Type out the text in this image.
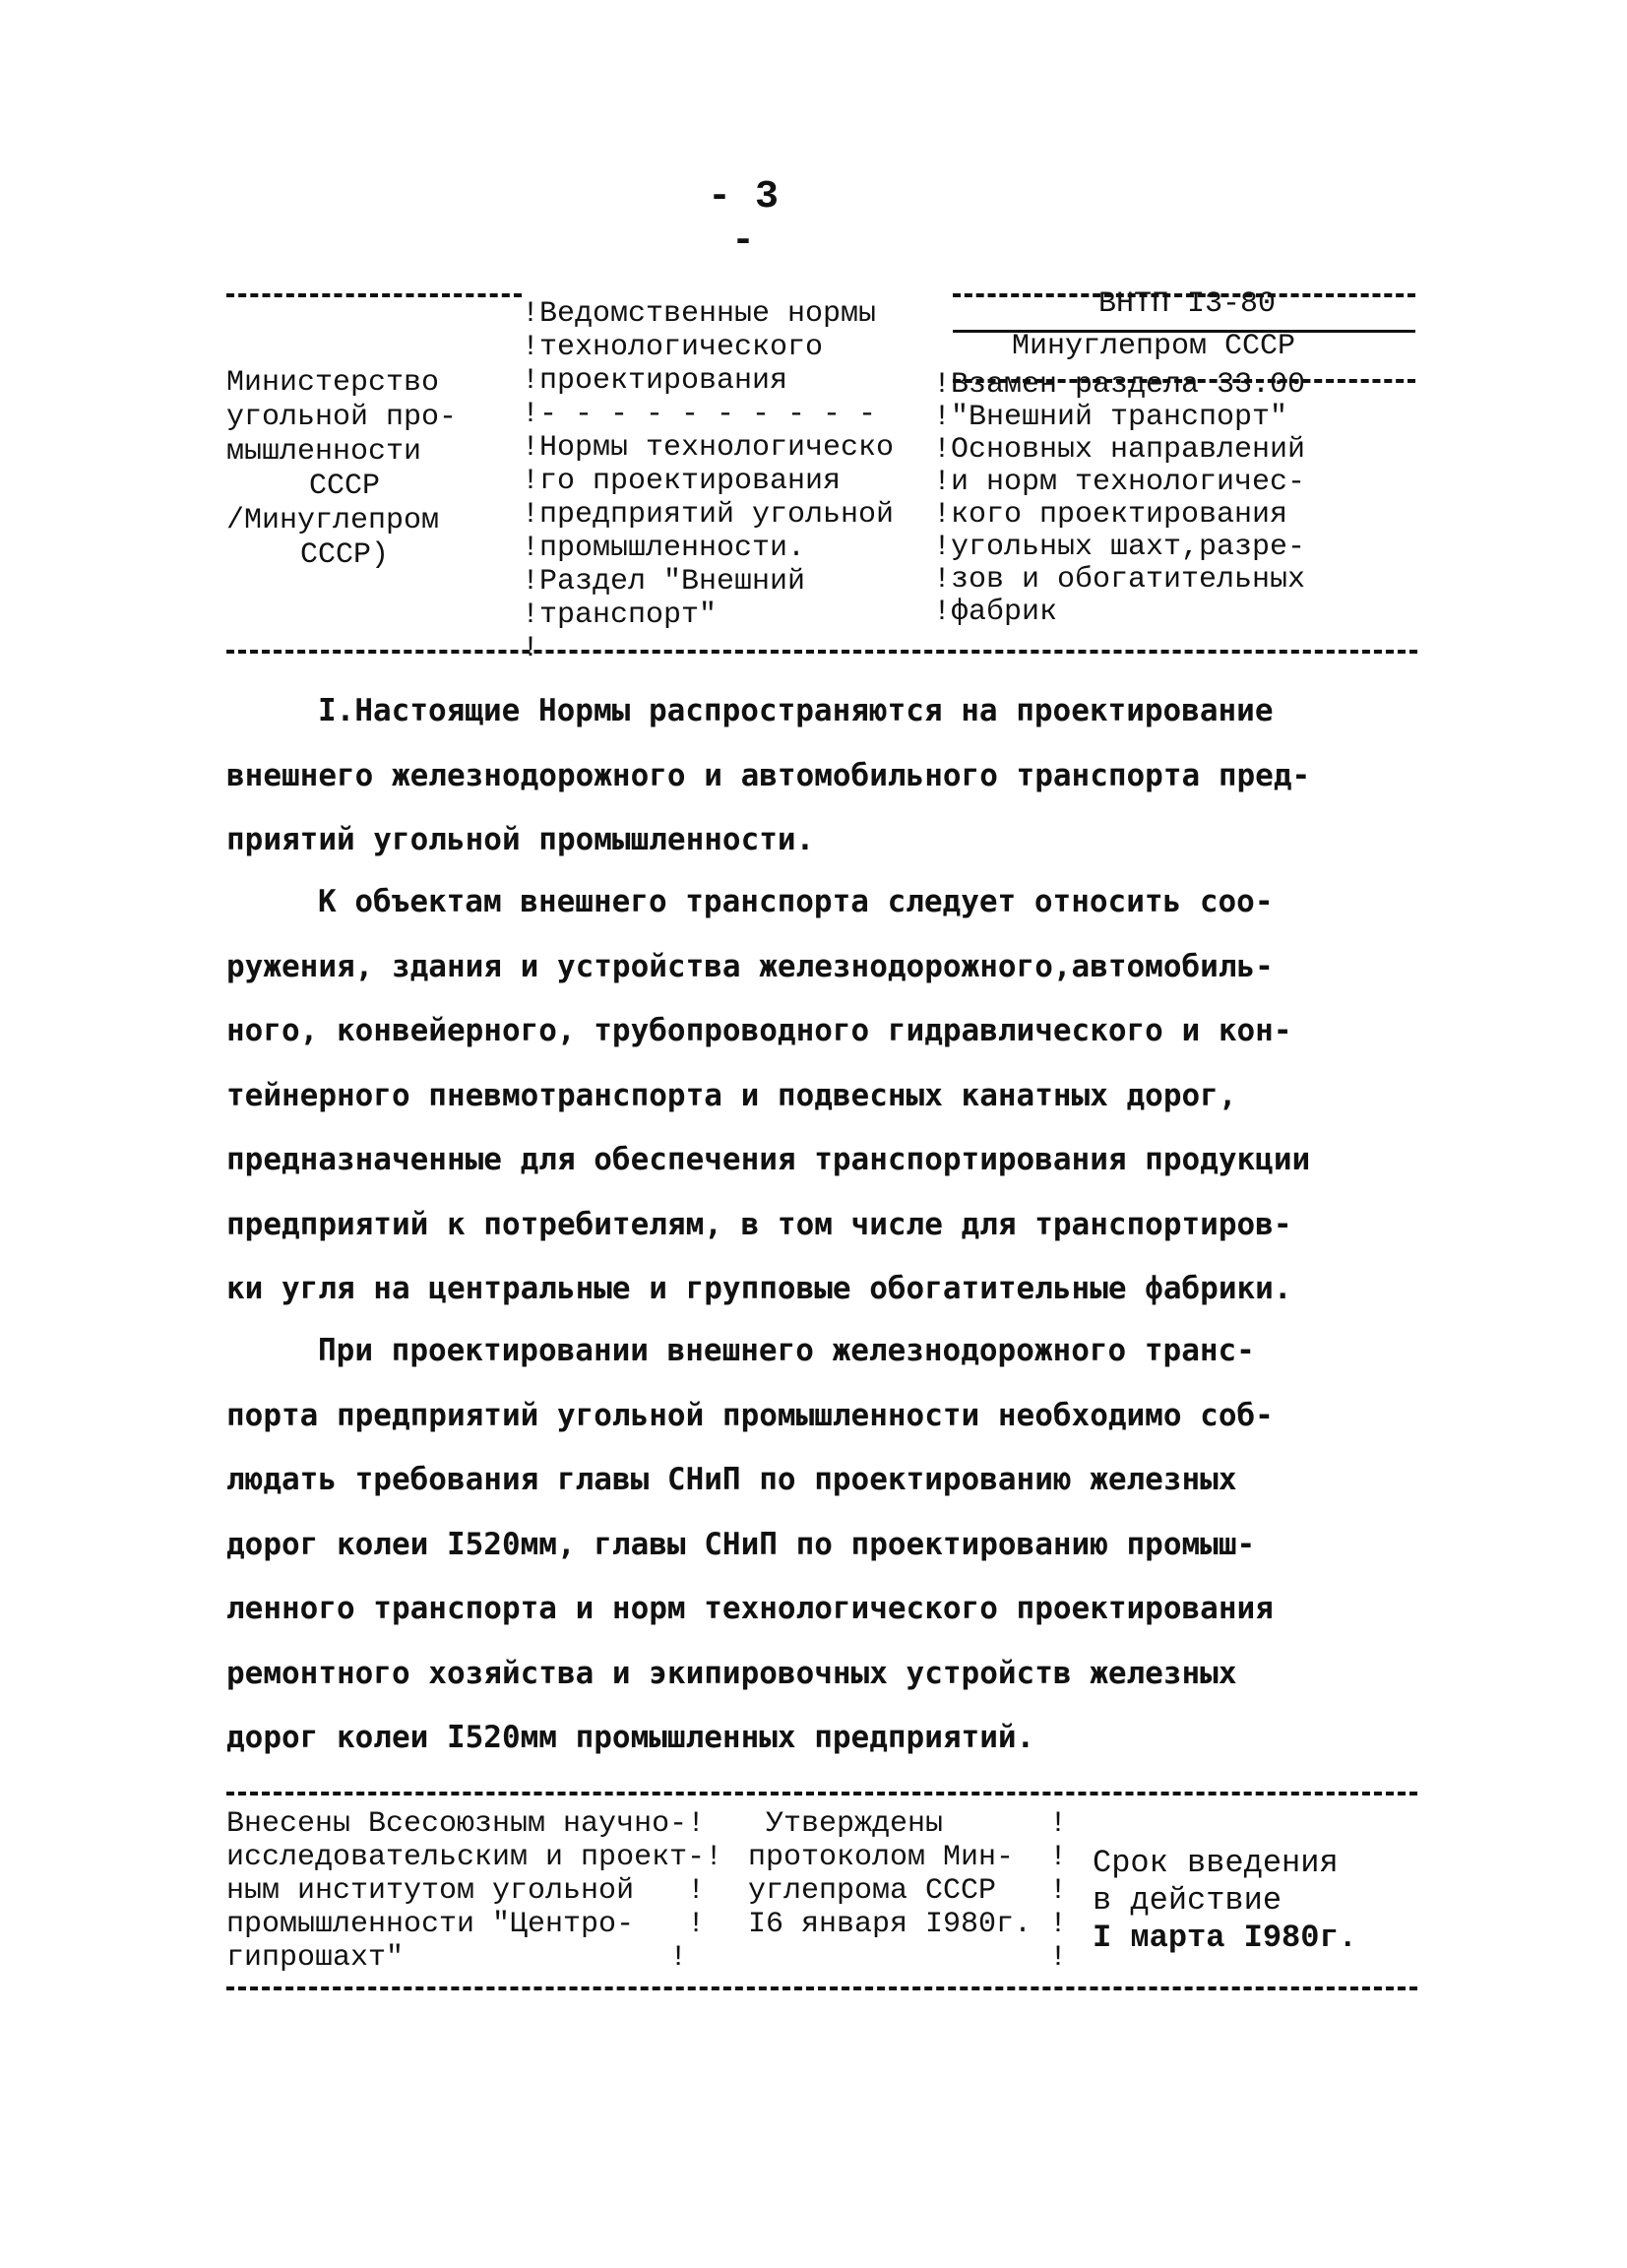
- 3 -
Министерство
угольной про-
мышленности
СССР
/Минуглепром
СССР)
!Ведомственные нормы
!технологического
!проектирования
!- - - - - - - - - -
!Нормы технологическо
!го проектирования
!предприятий угольной
!промышленности.
!Раздел "Внешний
!транспорт"
!
ВНТП I3-80
Минуглепром СССР
!Взамен раздела 33.00
!"Внешний транспорт"
!Основных направлений
!и норм технологичес-
!кого проектирования
!угольных шахт,разре-
!зов и обогатительных
!фабрик
I.Настоящие Нормы распространяются на проектирование
внешнего железнодорожного и автомобильного транспорта пред-
приятий угольной промышленности.
К объектам внешнего транспорта следует относить соо-
ружения, здания и устройства железнодорожного,автомобиль-
ного, конвейерного, трубопроводного гидравлического и кон-
тейнерного пневмотранспорта и подвесных канатных дорог,
предназначенные для обеспечения транспортирования продукции
предприятий к потребителям, в том числе для транспортиров-
ки угля на центральные и групповые обогатительные фабрики.
При проектировании внешнего железнодорожного транс-
порта предприятий угольной промышленности необходимо соб-
людать требования главы СНиП по проектированию железных
дорог колеи I520мм, главы СНиП по проектированию промыш-
ленного транспорта и норм технологического проектирования
ремонтного хозяйства и экипировочных устройств железных
дорог колеи I520мм промышленных предприятий.
Внесены Всесоюзным научно-!
исследовательским и проект-!
ным институтом угольной   !
промышленности "Центро-   !
гипрошахт"               !
Утверждены      !
протоколом Мин-  !
углепрома СССР   !
I6 января I980г. !
!
Срок введения
в действие
I марта I980г.
